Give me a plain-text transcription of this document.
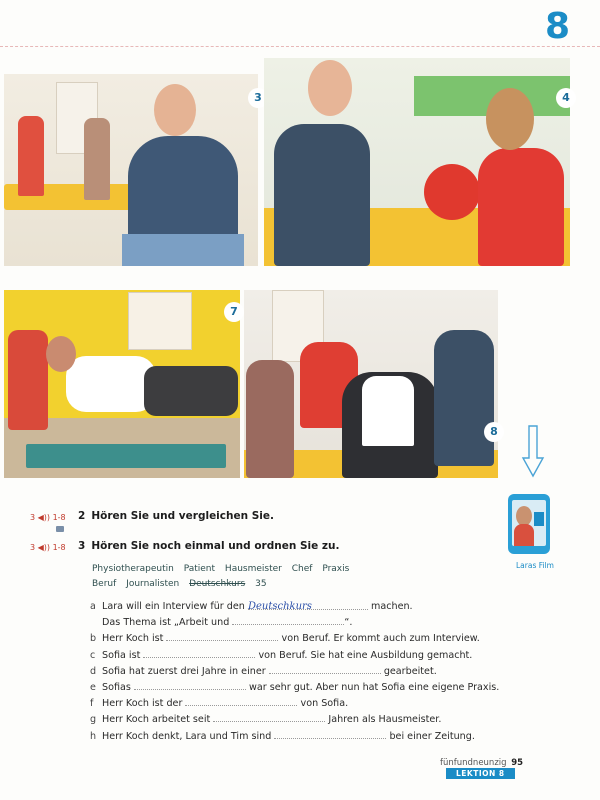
8
3	4
7
8
3 ◀)) 1-8 2 Hören Sie und vergleichen Sie.
3 ◀)) 1-8 3 Hören Sie noch einmal und ordnen Sie zu.
Physiotherapeutin Patient Hausmeister Chef Praxis
Beruf Journalisten Deutschkurs 35
a Lara will ein Interview für den Deutschkurs	machen.
Das Thema ist „Arbeit und	“.
b Herr Koch ist	von Beruf. Er kommt auch zum Interview.
c Sofia ist	von Beruf. Sie hat eine Ausbildung gemacht.
d Sofia hat zuerst drei Jahre in einer	gearbeitet.
e Sofias	war sehr gut. Aber nun hat Sofia eine eigene Praxis.
f Herr Koch ist der	von Sofia.
g Herr Koch arbeitet seit	Jahren als Hausmeister.
h Herr Koch denkt, Lara und Tim sind	bei einer Zeitung.
Laras Film
fünfundneunzig 95 LEKTION 8
